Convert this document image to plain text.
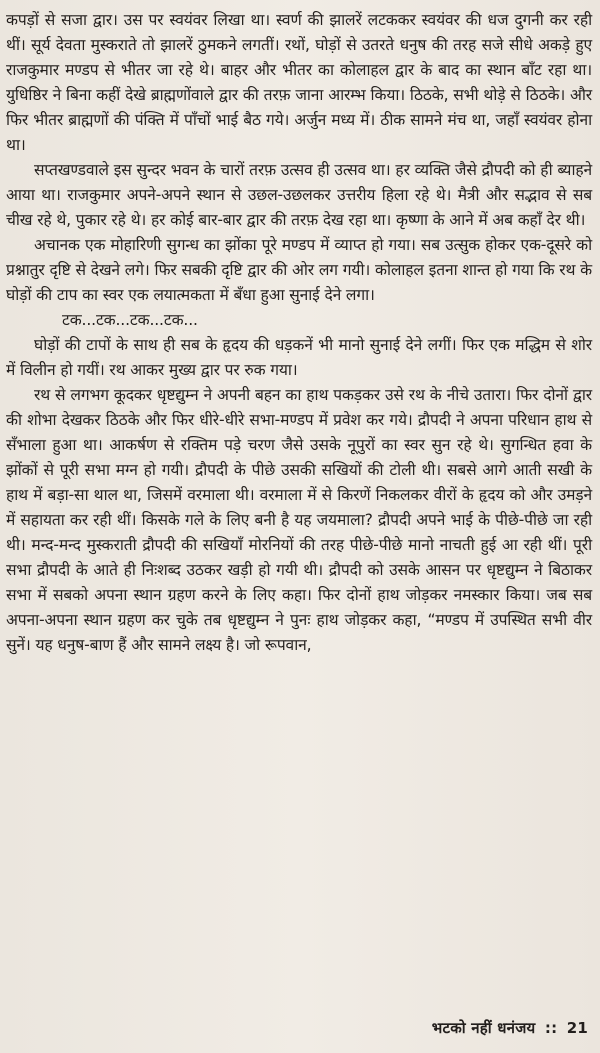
कपड़ों से सजा द्वार। उस पर स्वयंवर लिखा था। स्वर्ण की झालरें लटककर स्वयंवर की धज दुगनी कर रही थीं। सूर्य देवता मुस्कराते तो झालरें ठुमकने लगतीं। रथों, घोड़ों से उतरते धनुष की तरह सजे सीधे अकड़े हुए राजकुमार मण्डप से भीतर जा रहे थे। बाहर और भीतर का कोलाहल द्वार के बाद का स्थान बाँट रहा था। युधिष्ठिर ने बिना कहीं देखे ब्राह्मणोंवाले द्वार की तरफ़ जाना आरम्भ किया। ठिठके, सभी थोड़े से ठिठके। और फिर भीतर ब्राह्मणों की पंक्ति में पाँचों भाई बैठ गये। अर्जुन मध्य में। ठीक सामने मंच था, जहाँ स्वयंवर होना था।

सप्तखण्डवाले इस सुन्दर भवन के चारों तरफ़ उत्सव ही उत्सव था। हर व्यक्ति जैसे द्रौपदी को ही ब्याहने आया था। राजकुमार अपने-अपने स्थान से उछल-उछलकर उत्तरीय हिला रहे थे। मैत्री और सद्भाव से सब चीख रहे थे, पुकार रहे थे। हर कोई बार-बार द्वार की तरफ़ देख रहा था। कृष्णा के आने में अब कहाँ देर थी।

अचानक एक मोहारिणी सुगन्ध का झोंका पूरे मण्डप में व्याप्त हो गया। सब उत्सुक होकर एक-दूसरे को प्रश्नातुर दृष्टि से देखने लगे। फिर सबकी दृष्टि द्वार की ओर लग गयी। कोलाहल इतना शान्त हो गया कि रथ के घोड़ों की टाप का स्वर एक लयात्मकता में बँधा हुआ सुनाई देने लगा।

टक...टक...टक...टक...

घोड़ों की टापों के साथ ही सब के हृदय की धड़कनें भी मानो सुनाई देने लगीं। फिर एक मद्धिम से शोर में विलीन हो गयीं। रथ आकर मुख्य द्वार पर रुक गया।

रथ से लगभग कूदकर धृष्टद्युम्न ने अपनी बहन का हाथ पकड़कर उसे रथ के नीचे उतारा। फिर दोनों द्वार की शोभा देखकर ठिठके और फिर धीरे-धीरे सभा-मण्डप में प्रवेश कर गये। द्रौपदी ने अपना परिधान हाथ से सँभाला हुआ था। आकर्षण से रक्तिम पड़े चरण जैसे उसके नूपुरों का स्वर सुन रहे थे। सुगन्धित हवा के झोंकों से पूरी सभा मग्न हो गयी। द्रौपदी के पीछे उसकी सखियों की टोली थी। सबसे आगे आती सखी के हाथ में बड़ा-सा थाल था, जिसमें वरमाला थी। वरमाला में से किरणें निकलकर वीरों के हृदय को और उमड़ने में सहायता कर रही थीं। किसके गले के लिए बनी है यह जयमाला? द्रौपदी अपने भाई के पीछे-पीछे जा रही थी। मन्द-मन्द मुस्कराती द्रौपदी की सखियाँ मोरनियों की तरह पीछे-पीछे मानो नाचती हुई आ रही थीं। पूरी सभा द्रौपदी के आते ही निःशब्द उठकर खड़ी हो गयी थी। द्रौपदी को उसके आसन पर धृष्टद्युम्न ने बिठाकर सभा में सबको अपना स्थान ग्रहण करने के लिए कहा। फिर दोनों हाथ जोड़कर नमस्कार किया। जब सब अपना-अपना स्थान ग्रहण कर चुके तब धृष्टद्युम्न ने पुनः हाथ जोड़कर कहा, “मण्डप में उपस्थित सभी वीर सुनें। यह धनुष-बाण हैं और सामने लक्ष्य है। जो रूपवान,

भटको नहीं धनंजय :: 21
